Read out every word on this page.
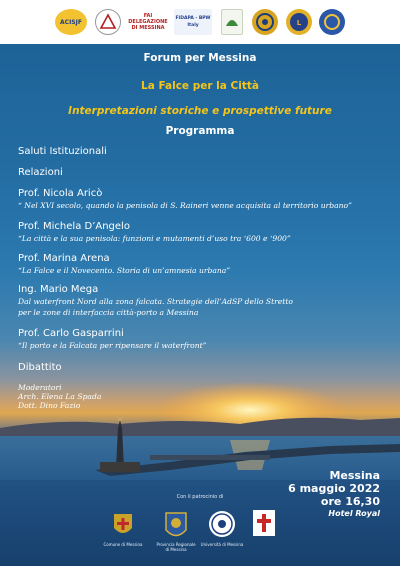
ACISJF
FAI
DELEGAZIONE DI MESSINA
FIDAPA - BPW Italy	L
Forum per Messina
La Falce per la Città
Interpretazioni storiche e prospettive future
Programma
Saluti Istituzionali
Relazioni
Prof. Nicola Aricò
“ Nel XVI secolo, quando la penisola di S. Raineri venne acquisita al territorio urbano”
Prof. Michela D’Angelo
“La città e la sua penisola: funzioni e mutamenti d’uso tra ‘600 e ‘900”
Prof. Marina Arena
“La Falce e il Novecento. Storia di un’amnesia urbana”
Ing. Mario Mega
Dal waterfront Nord alla zona falcata. Strategie dell’AdSP dello Stretto
per le zone di interfaccia città-porto a Messina
Prof. Carlo Gasparrini
“Il porto e la Falcata per ripensare il waterfront”
Dibattito
Moderatori
Arch. Elena La Spada
Dott. Dino Fazio
Messina
6 maggio 2022
ore 16,30
Hotel Royal
Con il patrocinio di
Comune di Messina	Provincia Regionale di Messina
Università di Messina
